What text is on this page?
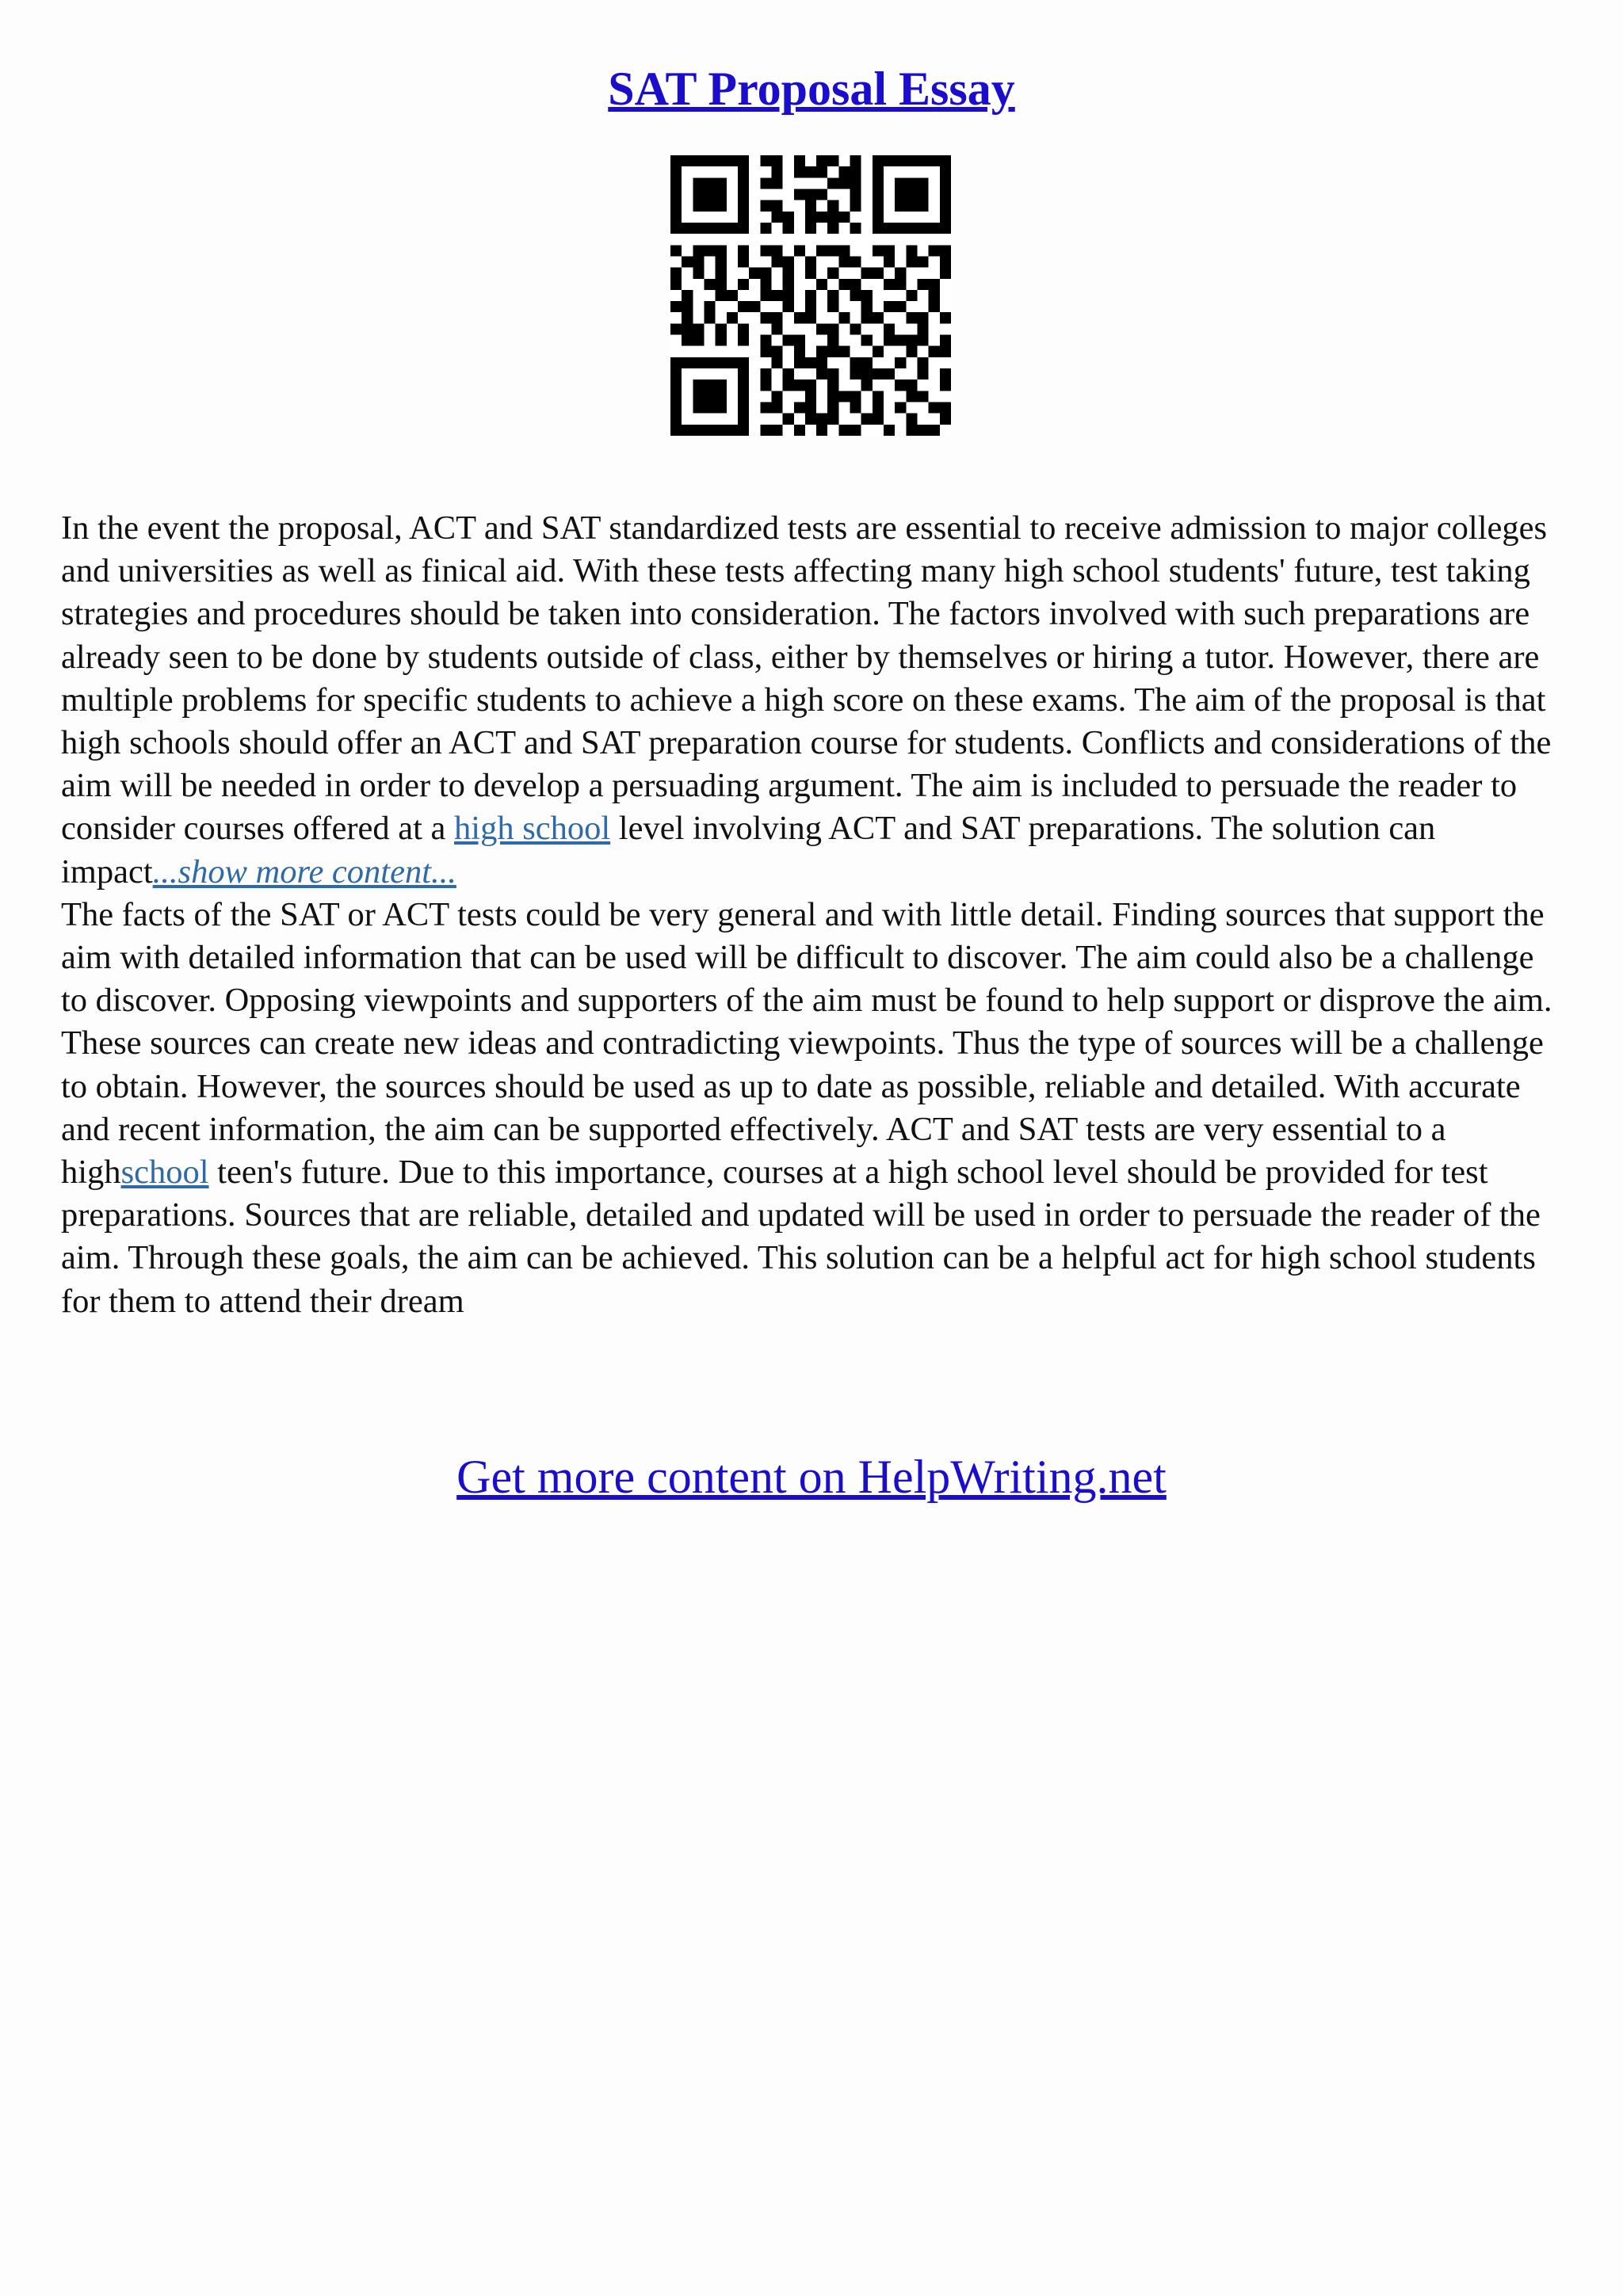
SAT Proposal Essay

In the event the proposal, ACT and SAT standardized tests are essential to receive admission to major colleges and universities as well as finical aid. With these tests affecting many high school students' future, test taking strategies and procedures should be taken into consideration. The factors involved with such preparations are already seen to be done by students outside of class, either by themselves or hiring a tutor. However, there are multiple problems for specific students to achieve a high score on these exams. The aim of the proposal is that high schools should offer an ACT and SAT preparation course for students. Conflicts and considerations of the aim will be needed in order to develop a persuading argument. The aim is included to persuade the reader to consider courses offered at a high school level involving ACT and SAT preparations. The solution can impact...show more content...

The facts of the SAT or ACT tests could be very general and with little detail. Finding sources that support the aim with detailed information that can be used will be difficult to discover. The aim could also be a challenge to discover. Opposing viewpoints and supporters of the aim must be found to help support or disprove the aim. These sources can create new ideas and contradicting viewpoints. Thus the type of sources will be a challenge to obtain. However, the sources should be used as up to date as possible, reliable and detailed. With accurate and recent information, the aim can be supported effectively. ACT and SAT tests are very essential to a highschool teen's future. Due to this importance, courses at a high school level should be provided for test preparations. Sources that are reliable, detailed and updated will be used in order to persuade the reader of the aim. Through these goals, the aim can be achieved. This solution can be a helpful act for high school students for them to attend their dream

Get more content on HelpWriting.net
